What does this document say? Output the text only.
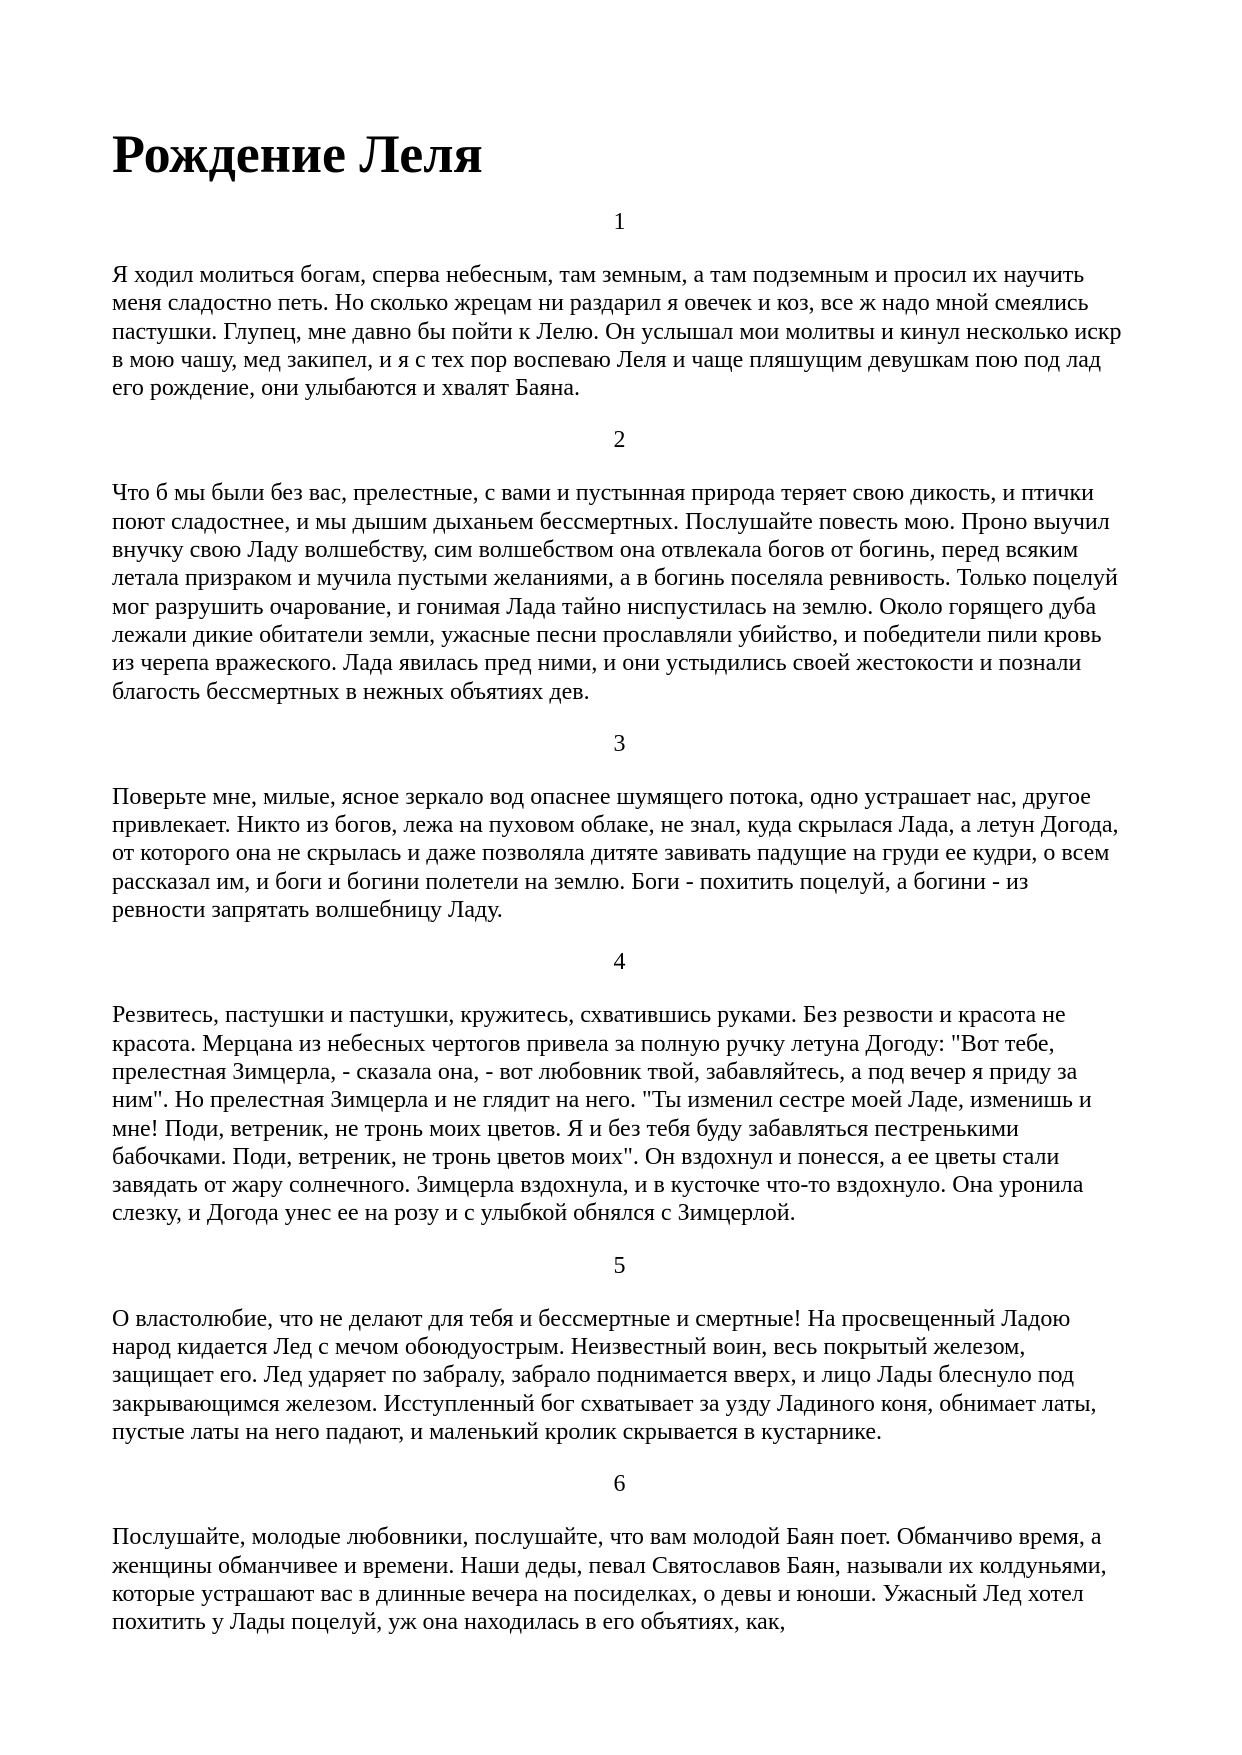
Рождение Леля
1

Я ходил молиться богам, сперва небесным, там земным, а там подземным и просил их научить меня сладостно петь. Но сколько жрецам ни раздарил я овечек и коз, все ж надо мной смеялись пастушки. Глупец, мне давно бы пойти к Лелю. Он услышал мои молитвы и кинул несколько искр в мою чашу, мед закипел, и я с тех пор воспеваю Леля и чаще пляшущим девушкам пою под лад его рождение, они улыбаются и хвалят Баяна.

2

Что б мы были без вас, прелестные, с вами и пустынная природа теряет свою дикость, и птички поют сладостнее, и мы дышим дыханьем бессмертных. Послушайте повесть мою. Проно выучил внучку свою Ладу волшебству, сим волшебством она отвлекала богов от богинь, перед всяким летала призраком и мучила пустыми желаниями, а в богинь поселяла ревнивость. Только поцелуй мог разрушить очарование, и гонимая Лада тайно ниспустилась на землю. Около горящего дуба лежали дикие обитатели земли, ужасные песни прославляли убийство, и победители пили кровь из черепа вражеского. Лада явилась пред ними, и они устыдились своей жестокости и познали благость бессмертных в нежных объятиях дев.

3

Поверьте мне, милые, ясное зеркало вод опаснее шумящего потока, одно устрашает нас, другое привлекает. Никто из богов, лежа на пуховом облаке, не знал, куда скрылася Лада, а летун Догода, от которого она не скрылась и даже позволяла дитяте завивать падущие на груди ее кудри, о всем рассказал им, и боги и богини полетели на землю. Боги - похитить поцелуй, а богини - из ревности запрятать волшебницу Ладу.

4

Резвитесь, пастушки и пастушки, кружитесь, схватившись руками. Без резвости и красота не красота. Мерцана из небесных чертогов привела за полную ручку летуна Догоду: "Вот тебе, прелестная Зимцерла, - сказала она, - вот любовник твой, забавляйтесь, а под вечер я приду за ним". Но прелестная Зимцерла и не глядит на него. "Ты изменил сестре моей Ладе, изменишь и мне! Поди, ветреник, не тронь моих цветов. Я и без тебя буду забавляться пестренькими бабочками. Поди, ветреник, не тронь цветов моих". Он вздохнул и понесся, а ее цветы стали завядать от жару солнечного. Зимцерла вздохнула, и в кусточке что-то вздохнуло. Она уронила слезку, и Догода унес ее на розу и с улыбкой обнялся с Зимцерлой.

5

О властолюбие, что не делают для тебя и бессмертные и смертные! На просвещенный Ладою народ кидается Лед с мечом обоюдуострым. Неизвестный воин, весь покрытый железом, защищает его. Лед ударяет по забралу, забрало поднимается вверх, и лицо Лады блеснуло под закрывающимся железом. Исступленный бог схватывает за узду Ладиного коня, обнимает латы, пустые латы на него падают, и маленький кролик скрывается в кустарнике.

6

Послушайте, молодые любовники, послушайте, что вам молодой Баян поет. Обманчиво время, а женщины обманчивее и времени. Наши деды, певал Святославов Баян, называли их колдуньями, которые устрашают вас в длинные вечера на посиделках, о девы и юноши. Ужасный Лед хотел похитить у Лады поцелуй, уж она находилась в его объятиях, как,
